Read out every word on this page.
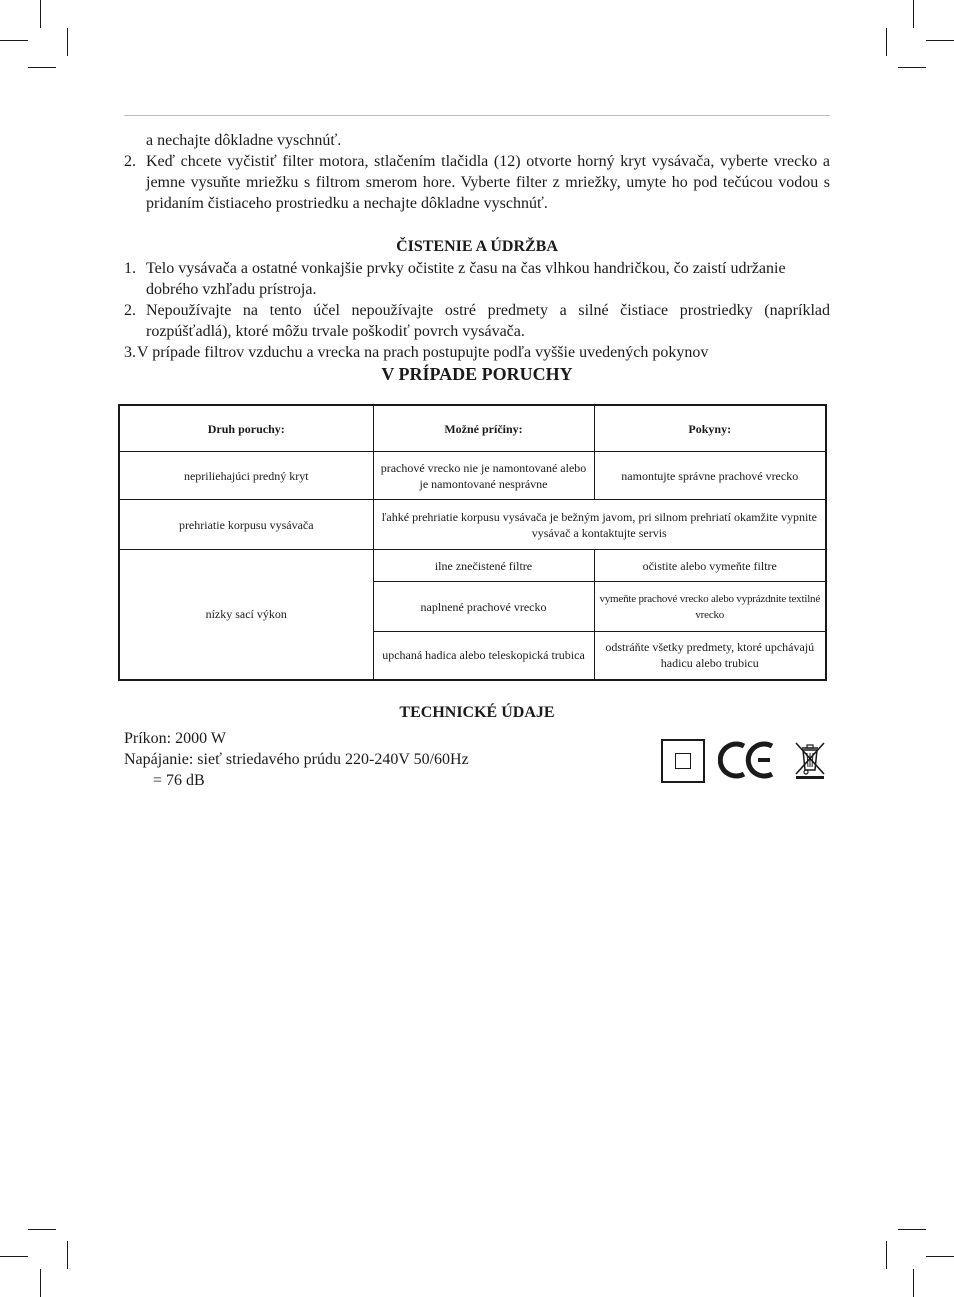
a nechajte dôkladne vyschnúť.

2. Keď chcete vyčistiť filter motora, stlačením tlačidla (12) otvorte horný kryt vysávača, vyberte vrecko a jemne vysuňte mriežku s filtrom smerom hore. Vyberte filter z mriežky, umyte ho pod tečúcou vodou s pridaním čistiaceho prostriedku a nechajte dôkladne vyschnúť.
ČISTENIE A ÚDRŽBA
1. Telo vysávača a ostatné vonkajšie prvky očistite z času na čas vlhkou handričkou, čo zaistí udržanie dobrého vzhľadu prístroja.
2. Nepoužívajte na tento účel nepoužívajte ostré predmety a silné čistiace prostriedky (napríklad rozpúšťadlá), ktoré môžu trvale poškodiť povrch vysávača.
3. V prípade filtrov vzduchu a vrecka na prach postupujte podľa vyššie uvedených pokynov
V PRÍPADE PORUCHY
Druh poruchy:	Možné príčiny:	Pokyny:
nepriliehajúci predný kryt	prachové vrecko nie je namontované alebo je namontované nesprávne	namontujte správne prachové vrecko
prehriatie korpusu vysávača	ľahké prehriatie korpusu vysávača je bežným javom, pri silnom prehriatí okamžite vypnite vysávač a kontaktujte servis	
nízky sací výkon	ilne znečistené filtre	očistite alebo vymeňte filtre
	naplnené prachové vrecko	vymeňte prachové vrecko alebo vyprázdnite textilné vrecko
	upchaná hadica alebo teleskopická trubica	odstráňte všetky predmety, ktoré upchávajú hadicu alebo trubicu
TECHNICKÉ ÚDAJE
Príkon: 2000 W
Napájanie: sieť striedavého prúdu 220-240V 50/60Hz
= 76 dB
